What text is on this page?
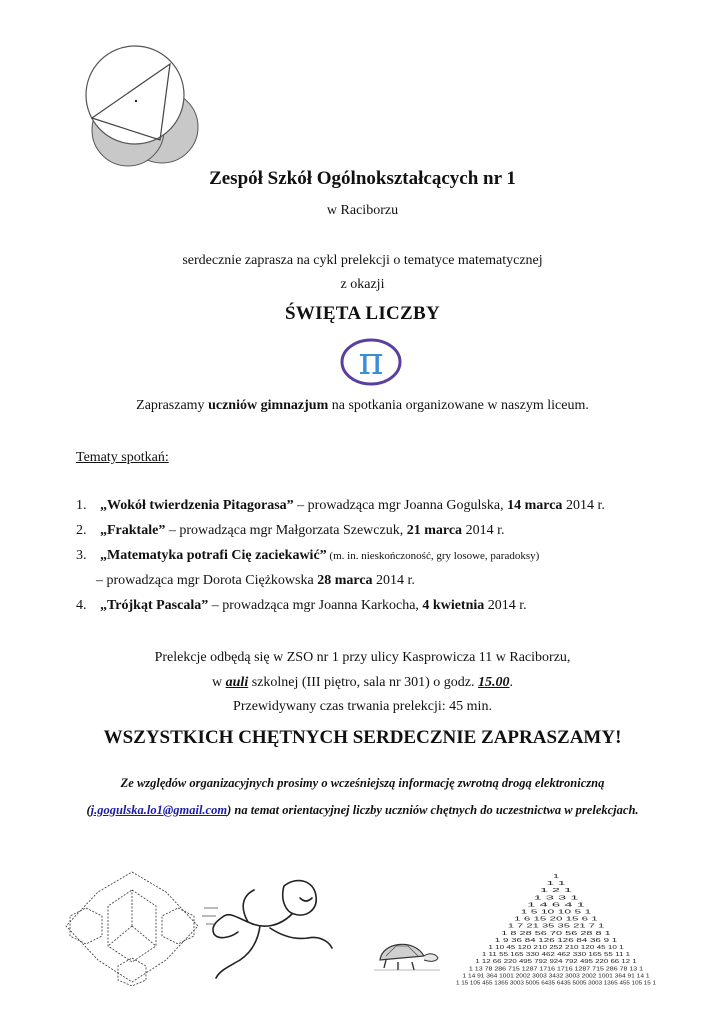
Zespół Szkół Ogólnokształcących nr 1
w Raciborzu
serdecznie zaprasza na cykl prelekcji o tematyce matematycznej
z okazji
ŚWIĘTA LICZBY
π
Zapraszamy uczniów gimnazjum na spotkania organizowane w naszym liceum.
Tematy spotkań:
1. „Wokół twierdzenia Pitagorasa” – prowadząca mgr Joanna Gogulska, 14 marca 2014 r.
2. „Fraktale” – prowadząca mgr Małgorzata Szewczuk, 21 marca 2014 r.
3. „Matematyka potrafi Cię zaciekawić” (m. in. nieskończoność, gry losowe, paradoksy)
– prowadząca mgr Dorota Ciężkowska 28 marca 2014 r.
4. „Trójkąt Pascala” – prowadząca mgr Joanna Karkocha, 4 kwietnia 2014 r.
Prelekcje odbędą się w ZSO nr 1 przy ulicy Kasprowicza 11 w Raciborzu,
w auli szkolnej (III piętro, sala nr 301) o godz. 15.00.
Przewidywany czas trwania prelekcji: 45 min.
WSZYSTKICH CHĘTNYCH SERDECZNIE ZAPRASZAMY!
Ze względów organizacyjnych prosimy o wcześniejszą informację zwrotną drogą elektroniczną
(j.gogulska.lo1@gmail.com) na temat orientacyjnej liczby uczniów chętnych do uczestnictwa w prelekcjach.
1
1 1
1 2 1
1 3 3 1
1 4 6 4 1
1 5 10 10 5 1
1 6 15 20 15 6 1
1 7 21 35 35 21 7 1
1 8 28 56 70 56 28 8 1
1 9 36 84 126 126 84 36 9 1
1 10 45 120 210 252 210 120 45 10 1
1 11 55 165 330 462 462 330 165 55 11 1
1 12 66 220 495 792 924 792 495 220 66 12 1
1 13 78 286 715 1287 1716 1716 1287 715 286 78 13 1
1 14 91 364 1001 2002 3003 3432 3003 2002 1001 364 91 14 1
1 15 105 455 1365 3003 5005 6435 6435 5005 3003 1365 455 105 15 1
